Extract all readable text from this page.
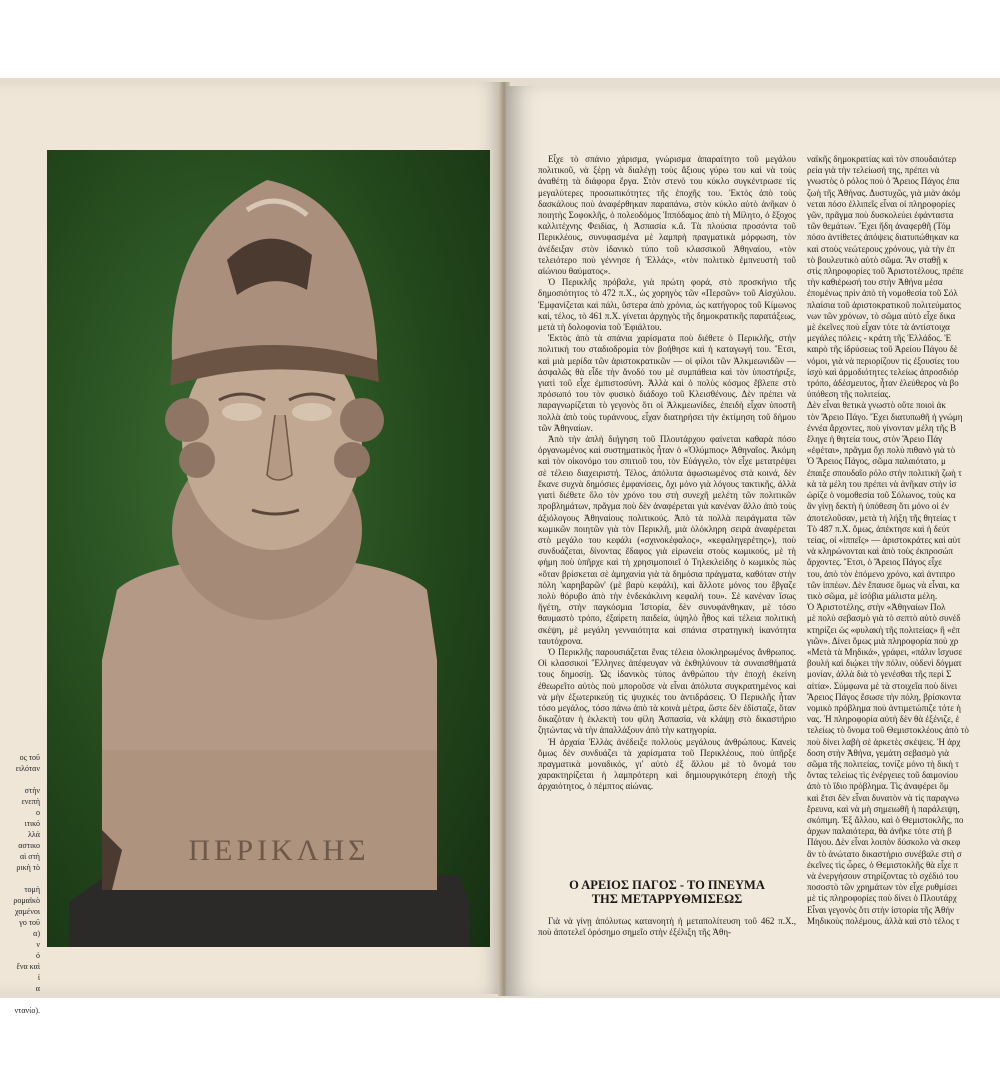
ος τοῦ
ειλόταν

στὴν
ενεπὴ
ο
ιτικό
λλά
αστικο
αὶ στὴ
ρικὴ τὸ

τομὴ
ρομαϊκὸ
χαμένοι
γο τοῦ
α)
ν
ό
ἔνα καὶ
ἰ
α

ντανίο).
ΠΕΡΙΚΛΗΣ

Εἶχε τὸ σπάνιο χάρισμα, γνώρισμα ἀπαραίτητο τοῦ μεγάλου πολιτικοῦ, νὰ ξέρῃ νὰ διαλέγῃ τοὺς ἄξιους γύρω του καὶ νὰ τοὺς ἀναθέτῃ τὰ διάφορα ἔργα. Στὸν στενὸ του κύκλο συγκέντρωσε τὶς μεγαλύτερες προσωπικότητες τῆς ἐποχῆς του. Ἐκτὸς ἀπὸ τοὺς δασκάλους ποὺ ἀναφέρθηκαν παραπάνω, στὸν κύκλο αὐτὸ ἀνῆκαν ὁ ποιητὴς Σοφοκλῆς, ὁ πολεοδόμος Ἱππόδαμος ἀπὸ τὴ Μίλητο, ὁ ἔξοχος καλλιτέχνης Φειδίας, ἡ Ἀσπασία κ.ἄ. Τὰ πλούσια προσόντα τοῦ Περικλέους, συνυφασμένα μὲ λαμπρὴ πραγματικὰ μόρφωση, τὸν ἀνέδειξαν στὸν ἰδανικὸ τύπο τοῦ κλασσικοῦ Ἀθηναίου, «τὸν τελειότερο ποὺ γέννησε ἡ Ἑλλάς», «τὸν πολιτικὸ ἐμπνευστὴ τοῦ αἰώνιου θαύματος».

Ὁ Περικλῆς πρόβαλε, γιὰ πρώτη φορά, στὸ προσκήνιο τῆς δημοσιότητος τὸ 472 π.Χ., ὡς χορηγὸς τῶν «Περσῶν» τοῦ Αἰσχύλου. Ἐμφανίζεται καὶ πάλι, ὕστερα ἀπὸ χρόνια, ὡς κατήγορος τοῦ Κίμωνος καί, τέλος, τὸ 461 π.Χ. γίνεται ἀρχηγὸς τῆς δημοκρατικῆς παρατάξεως, μετὰ τὴ δολοφονία τοῦ Ἐφιάλτου.

Ἐκτὸς ἀπὸ τὰ σπάνια χαρίσματα ποὺ διέθετε ὁ Περικλῆς, στὴν πολιτική του σταδιοδρομία τὸν βοήθησε καὶ ἡ καταγωγή του. Ἔτσι, καὶ μιὰ μερίδα τῶν ἀριστοκρατικῶν — οἱ φίλοι τῶν Ἀλκμεωνιδῶν — ἀσφαλῶς θὰ εἶδε τὴν ἄνοδό του μὲ συμπάθεια καὶ τὸν ὑποστήριξε, γιατὶ τοῦ εἶχε ἐμπιστοσύνη. Ἀλλὰ καὶ ὁ πολὺς κόσμος ἔβλεπε στὸ πρόσωπό του τὸν φυσικὸ διάδοχο τοῦ Κλεισθένους. Δὲν πρέπει νὰ παραγνωρίζεται τὸ γεγονὸς ὅτι οἱ Ἀλκμεωνίδες, ἐπειδὴ εἶχαν ὑποστῆ πολλὰ ἀπὸ τοὺς τυράννους, εἶχαν διατηρήσει τὴν ἐκτίμηση τοῦ δήμου τῶν Ἀθηναίων.

Ἀπὸ τὴν ἁπλὴ διήγηση τοῦ Πλουτάρχου φαίνεται καθαρὰ πόσο ὀργανωμένος καὶ συστηματικὸς ἦταν ὁ «Ὀλύμπιος» Ἀθηναῖος. Ἀκόμη καὶ τὸν οἰκονόμο του σπιτιοῦ του, τὸν Εὐάγγελο, τὸν εἶχε μετατρέψει σὲ τέλειο διαχειριστή. Τέλος, ἀπόλυτα ἀφωσιωμένος στὰ κοινά, δὲν ἔκανε συχνὰ δημόσιες ἐμφανίσεις, ὄχι μόνο γιὰ λόγους τακτικῆς, ἀλλὰ γιατὶ διέθετε ὅλο τὸν χρόνο του στὴ συνεχῆ μελέτη τῶν πολιτικῶν προβλημάτων, πρᾶγμα ποὺ δὲν ἀναφέρεται γιὰ κανέναν ἄλλο ἀπὸ τοὺς ἀξιόλογους Ἀθηναίους πολιτικούς. Ἀπὸ τὰ πολλὰ πειράγματα τῶν κωμικῶν ποιητῶν γιὰ τὸν Περικλῆ, μιὰ ὁλόκληρη σειρὰ ἀναφέρεται στὸ μεγάλο του κεφάλι («σχινοκέφαλος», «κεφαληγερέτης»), ποὺ συνδυάζεται, δίνοντας ἔδαφος γιὰ εἰρωνεία στοὺς κωμικούς, μὲ τὴ φήμη ποὺ ὑπῆρχε καὶ τὴ χρησιμοποιεῖ ὁ Τηλεκλείδης ὁ κωμικὸς πὼς «ὅταν βρίσκεται σὲ ἀμηχανία γιὰ τὰ δημόσια πράγματα, καθόταν στὴν πόλη 'καρηβαρῶν' (μὲ βαρὺ κεφάλι), καὶ ἄλλοτε μόνος του ἔβγαζε πολὺ θόρυβο ἀπὸ τὴν ἑνδεκάκλινη κεφαλή του». Σὲ κανέναν ἴσως ἥγέτη, στὴν παγκόσμια Ἱστορία, δὲν συνυφάνθηκαν, μὲ τόσο θαυμαστὸ τρόπο, ἐξαίρετη παιδεία, ὑψηλὸ ἦθος καὶ τέλεια πολιτικὴ σκέψη, μὲ μεγάλη γενναιότητα καὶ σπάνια στρατηγικὴ ἱκανότητα ταυτόχρονα.

Ὁ Περικλῆς παρουσιάζεται ἔνας τέλεια ὁλοκληρωμένος ἄνθρωπος. Οἱ κλασσικοὶ Ἕλληνες ἀπέφευγαν νὰ ἐκθηλύνουν τὰ συναισθήματά τους δημοσίῃ. Ὡς ἰδανικὸς τύπος ἀνθρώπου τὴν ἐποχὴ ἐκείνη ἐθεωρεῖτο αὐτὸς ποὺ μποροῦσε νὰ εἶναι ἀπόλυτα συγκρατημένος καὶ νὰ μὴν ἐξωτερικεύῃ τὶς ψυχικές του ἀντιδράσεις. Ὁ Περικλῆς ἦταν τόσο μεγάλος, τόσο πάνω ἀπὸ τὰ κοινὰ μέτρα, ὥστε δὲν ἐδίσταζε, ὅταν δικαζόταν ἡ ἐκλεκτὴ του φίλη Ἀσπασία, νὰ κλάψῃ στὸ δικαστήριο ζητώντας νὰ τὴν ἀπαλλάξουν ἀπὸ τὴν κατηγορία.

Ἡ ἀρχαία Ἑλλὰς ἀνέδειξε πολλοὺς μεγάλους ἀνθρώπους. Κανεὶς ὅμως δὲν συνδυάζει τὰ χαρίσματα τοῦ Περικλέους, ποὺ ὑπῆρξε πραγματικὰ μοναδικός, γι' αὐτὸ ἐξ ἄλλου μὲ τὸ ὄνομά του χαρακτηρίζεται ἡ λαμπρότερη καὶ δημιουργικότερη ἐποχὴ τῆς ἀρχαιότητος, ὁ πέμπτος αἰώνας.

Ο ΑΡΕΙΟΣ ΠΑΓΟΣ - ΤΟ ΠΝΕΥΜΑ
ΤΗΣ ΜΕΤΑΡΡΥΘΜΙΣΕΩΣ
Γιὰ νὰ γίνῃ ἀπόλυτως κατανοητὴ ἡ μεταπολίτευση τοῦ 462 π.Χ., ποὺ ἀποτελεῖ ὁρόσημο σημεῖο στὴν ἐξέλιξη τῆς Ἀθη-

ναϊκῆς δημοκρατίας καὶ τὸν σπουδαιότερ

ρεία γιὰ τὴν τελείωσή της, πρέπει νὰ

γνωστὸς ὁ ρόλος ποὺ ὁ Ἄρειος Πάγος ἐπα

ζωὴ τῆς Ἀθήνας. Δυστυχῶς, γιὰ μιὰν ἀκόμ

νεται πόσο ἐλλιπεῖς εἶναι οἱ πληροφορίες

γῶν, πρᾶγμα ποὺ δυσκολεύει ἐφάνταστα

τῶν θεμάτων. Ἔχει ἤδη ἀναφερθῆ (Τόμ

πόσο ἀντίθετες ἀπόψεις διατυπώθηκαν κα

καὶ στοὺς νεώτερους χρόνους, γιὰ τὴν ἐπ

τὸ βουλευτικὸ αὐτὸ σῶμα. Ἂν σταθῇ κ

στὶς πληροφορίες τοῦ Ἀριστοτέλους, πρέπε

τὴν καθιέρωσή του στὴν Ἀθήνα μέσα

ἐπομένως πρὶν ἀπὸ τὴ νομοθεσία τοῦ Σόλ

πλαίσια τοῦ ἀριστοκρατικοῦ πολιτεύματος

νων τῶν χρόνων, τὸ σῶμα αὐτὸ εἶχε δικα

μὲ ἐκεῖνες ποὺ εἶχαν τότε τὰ ἀντίστοιχα

μεγάλες πόλεις - κράτη τῆς Ἑλλάδος. Ἐ

καιρὸ τῆς ἱδρύσεως τοῦ Ἀρείου Πάγου δὲ

νόμοι, γιὰ νὰ περιορίζουν τὶς ἐξουσίες του

ἰσχὺ καὶ ἁρμοδιότητες τελείως ἀπροσδιόρ

τρόπο, ἀδέσμευτος, ἦταν ἐλεύθερος νὰ βο

ὑπόθεση τῆς πολιτείας.

Δὲν εἶναι θετικὰ γνωστὸ οὔτε ποιοὶ ἀκ

τὸν Ἄρειο Πάγο. Ἔχει διατυπωθῆ ἡ γνώμη

ἐννέα ἄρχοντες, ποὺ γίνονταν μέλη τῆς Β

ἔληγε ἡ θητεία τους, στὸν Ἄρειο Πάγ

«ἐφέται», πρᾶγμα ὄχι πολὺ πιθανὸ γιὰ τὸ

Ὁ Ἄρειος Πάγος, σῶμα παλαιότατο, μ

ἐπαιξε σπουδαῖο ρόλο στὴν πολιτικὴ ζωὴ τ

κὰ τὰ μέλη του πρέπει νὰ ἀνῆκαν στὴν ἰσ

ὡρίζε ὁ νομοθεσία τοῦ Σόλωνος, τοὺς κα

ἂν γίνῃ δεκτὴ ἡ ὑπόθεση ὅτι μόνο οἱ ἐν

ἀποτελοῦσαν, μετὰ τὴ λήξη τῆς θητείας τ

Τὸ 487 π.Χ. ὅμως, ἀπέκτησε καὶ ἡ δεύτ

τείας, οἱ «ἱππεῖς» — ἀριστοκράτες καὶ αὐτ

νὰ κληρώνονται καὶ ἀπὸ τοὺς ἐκπροσώπ

ἄρχοντες. Ἔτσι, ὁ Ἄρειος Πάγος εἶχε

του, ἀπὸ τὸν ἑπόμενο χρόνο, καὶ ἀντιπρο

τῶν ἱππέων. Δὲν ἔπαυσε ὅμως νὰ εἶναι, κα

τικὸ σῶμα, μὲ ἰσόβια μάλιστα μέλη.

Ὁ Ἀριστοτέλης, στὴν «Ἀθηναίων Πολ

μὲ πολὺ σεβασμὸ γιὰ τὸ σεπτὸ αὐτὸ συνέδ

κτηρίζει ὡς «φυλακὴ τῆς πολιτείας» ἢ «ἐπ

γιῶν». Δίνει ὅμως μιὰ πληροφορία ποὺ χρ

«Μετὰ τὰ Μηδικά», γράφει, «πάλιν ἴσχυσε

βουλὴ καὶ διῴκει τὴν πόλιν, οὐδενὶ δόγματ

μονίαν, ἀλλὰ διὰ τὸ γενέσθαι τῆς περὶ Σ

αἰτία». Σύμφωνα μὲ τὰ στοιχεῖα ποὺ δίνει

Ἄρειος Πάγος ἔσωσε τὴν πόλη, βρίσκοντα

νομικὸ πρόβλημα ποὺ ἀντιμετώπιζε τότε ἡ

νας. Ἡ πληροφορία αὐτὴ δὲν θὰ ἐξένιζε, ἐ

τελείως τὸ ὄνομα τοῦ Θεμιστοκλέους ἀπὸ τὸ

ποὺ δίνει λαβὴ σὲ ἀρκετὲς σκέψεις. Ἡ ἀρχ

δοση στὴν Ἀθήνα, γεμάτη σεβασμὸ γιὰ

σῶμα τῆς πολιτείας, τονίζε μόνο τὴ δικὴ τ

ὄντας τελείως τὶς ἐνέργειες τοῦ δαιμονίου

ἀπὸ τὸ ἴδιο πρόβλημα. Τὶς ἀναφέρει ὅμ

καὶ ἔτσι δὲν εἶναι δυνατὸν νὰ τὶς παραγνω

ἔρευνα, καὶ νὰ μὴ σημειωθῆ ἡ παράλειψη,

σκόπιμη. Ἐξ ἄλλου, καὶ ὁ Θεμιστοκλῆς, πο

ἀρχων παλαιότερα, θὰ ἀνῆκε τότε στὴ β

Πάγου. Δὲν εἶναι λοιπὸν δύσκολο νὰ σκεφ

ἂν τὸ ἀνώτατο δικαστήριο συνέβαλε στὴ σ

ἐκεῖνες τὶς ὧρες, ὁ Θεμιστοκλῆς θὰ εἶχε π

νὰ ἐνεργήσουν στηρίζοντας τὸ σχέδιό του

ποσοστὸ τῶν χρημάτων τὸν εἶχε ρυθμίσει

μὲ τὶς πληροφορίες ποὺ δίνει ὁ Πλουτάρχ

Εἶναι γεγονὸς ὅτι στὴν ἱστορία τῆς Ἀθήν

Μηδικοὺς πολέμους, ἀλλὰ καὶ στὸ τέλος τ
